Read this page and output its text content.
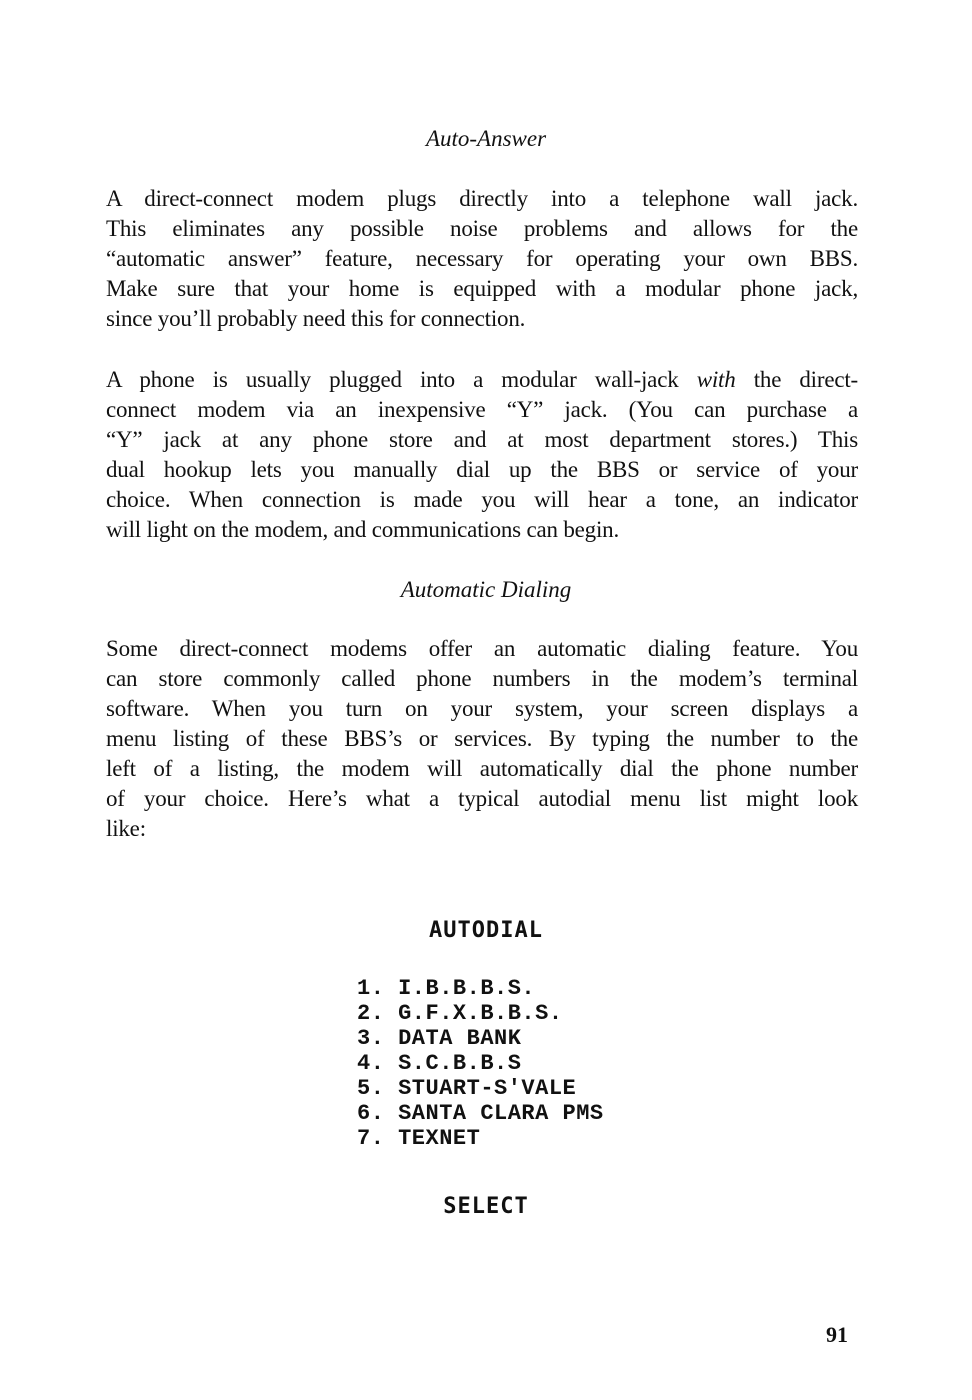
Auto-Answer
A direct-connect modem plugs directly into a telephone wall jack.
This eliminates any possible noise problems and allows for the
“automatic answer” feature, necessary for operating your own BBS.
Make sure that your home is equipped with a modular phone jack,
since you’ll probably need this for connection.
A phone is usually plugged into a modular wall-jack with the direct-
connect modem via an inexpensive “Y” jack. (You can purchase a
“Y” jack at any phone store and at most department stores.) This
dual hookup lets you manually dial up the BBS or service of your
choice. When connection is made you will hear a tone, an indicator
will light on the modem, and communications can begin.
Automatic Dialing
Some direct-connect modems offer an automatic dialing feature. You
can store commonly called phone numbers in the modem’s terminal
software. When you turn on your system, your screen displays a
menu listing of these BBS’s or services. By typing the number to the
left of a listing, the modem will automatically dial the phone number
of your choice. Here’s what a typical autodial menu list might look
like:
AUTODIAL
1. I.B.B.B.S.
2. G.F.X.B.B.S.
3. DATA BANK
4. S.C.B.B.S
5. STUART-S'VALE
6. SANTA CLARA PMS
7. TEXNET
SELECT
91
